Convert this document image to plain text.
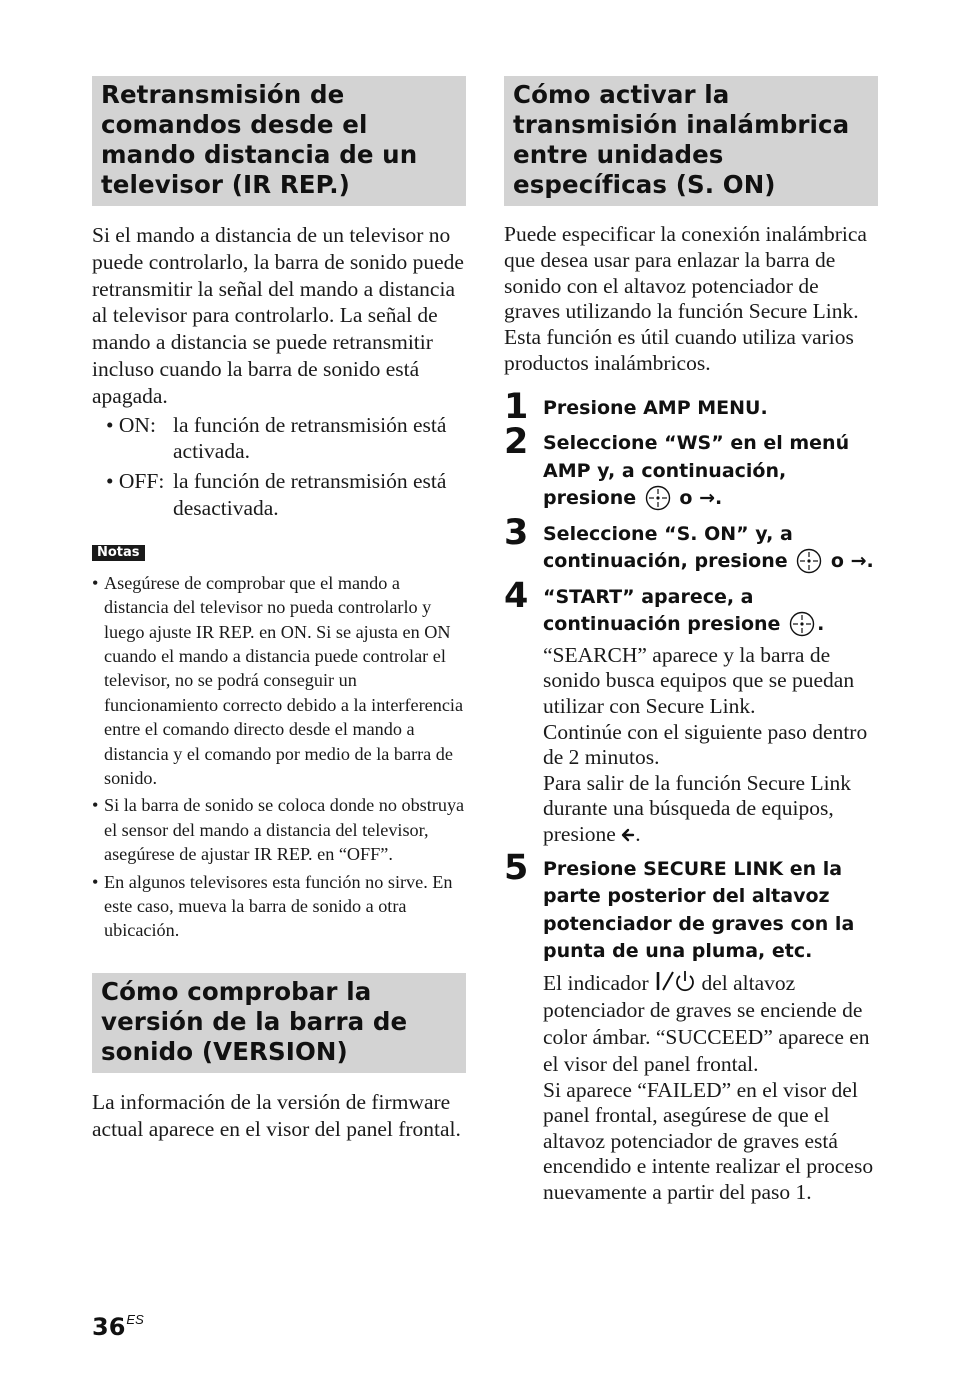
Retransmisión de comandos desde el mando distancia de un televisor (IR REP.)

Si el mando a distancia de un televisor no puede controlarlo, la barra de sonido puede retransmitir la señal del mando a distancia al televisor para controlarlo. La señal de mando a distancia se puede retransmitir incluso cuando la barra de sonido está apagada.

• ON: la función de retransmisión está activada.
• OFF: la función de retransmisión está desactivada.
Notas
• Asegúrese de comprobar que el mando a distancia del televisor no pueda controlarlo y luego ajuste IR REP. en ON. Si se ajusta en ON cuando el mando a distancia puede controlar el televisor, no se podrá conseguir un funcionamiento correcto debido a la interferencia entre el comando directo desde el mando a distancia y el comando por medio de la barra de sonido.
• Si la barra de sonido se coloca donde no obstruya el sensor del mando a distancia del televisor, asegúrese de ajustar IR REP. en “OFF”.
• En algunos televisores esta función no sirve. En este caso, mueva la barra de sonido a otra ubicación.
Cómo comprobar la versión de la barra de sonido (VERSION)

La información de la versión de firmware actual aparece en el visor del panel frontal.

Cómo activar la transmisión inalámbrica entre unidades específicas (S. ON)

Puede especificar la conexión inalámbrica que desea usar para enlazar la barra de sonido con el altavoz potenciador de graves utilizando la función Secure Link.

Esta función es útil cuando utiliza varios productos inalámbricos.

1 Presione AMP MENU.
2 Seleccione “WS” en el menú AMP y, a continuación, presione o →.
3 Seleccione “S. ON” y, a continuación, presione o →.
4 “START” aparece, a continuación presione .

“SEARCH” aparece y la barra de sonido busca equipos que se puedan utilizar con Secure Link.

Continúe con el siguiente paso dentro de 2 minutos.

Para salir de la función Secure Link durante una búsqueda de equipos, presione .

5 Presione SECURE LINK en la parte posterior del altavoz potenciador de graves con la punta de una pluma, etc.

El indicador del altavoz potenciador de graves se enciende de color ámbar. “SUCCEED” aparece en el visor del panel frontal.

Si aparece “FAILED” en el visor del panel frontal, asegúrese de que el altavoz potenciador de graves está encendido e intente realizar el proceso nuevamente a partir del paso 1.

$36^{ES}$
